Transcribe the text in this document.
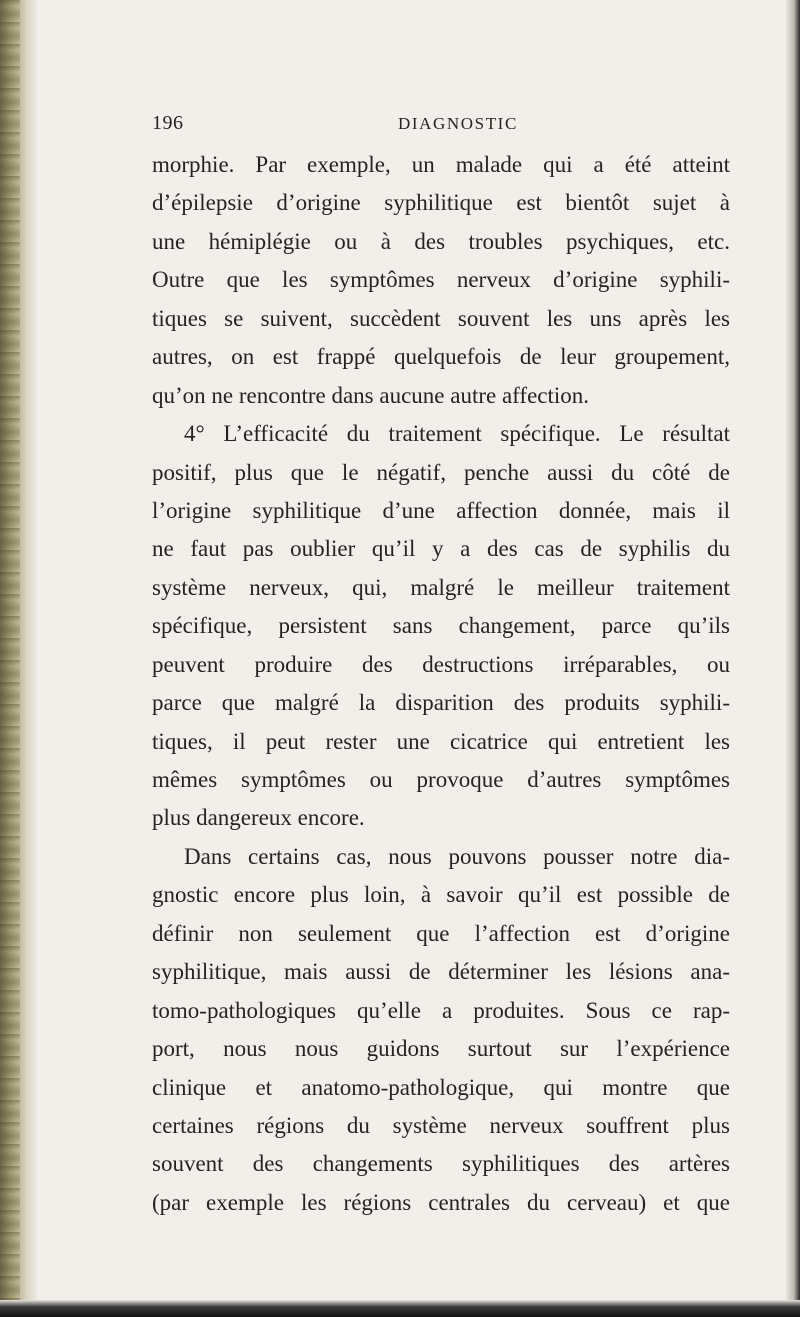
196	DIAGNOSTIC
morphie. Par exemple, un malade qui a été atteint
d’épilepsie d’origine syphilitique est bientôt sujet à
une hémiplégie ou à des troubles psychiques, etc.
Outre que les symptômes nerveux d’origine syphili-
tiques se suivent, succèdent souvent les uns après les
autres, on est frappé quelquefois de leur groupement,
qu’on ne rencontre dans aucune autre affection.
4° L’efficacité du traitement spécifique. Le résultat
positif, plus que le négatif, penche aussi du côté de
l’origine syphilitique d’une affection donnée, mais il
ne faut pas oublier qu’il y a des cas de syphilis du
système nerveux, qui, malgré le meilleur traitement
spécifique, persistent sans changement, parce qu’ils
peuvent produire des destructions irréparables, ou
parce que malgré la disparition des produits syphili-
tiques, il peut rester une cicatrice qui entretient les
mêmes symptômes ou provoque d’autres symptômes
plus dangereux encore.
Dans certains cas, nous pouvons pousser notre dia-
gnostic encore plus loin, à savoir qu’il est possible de
définir non seulement que l’affection est d’origine
syphilitique, mais aussi de déterminer les lésions ana-
tomo-pathologiques qu’elle a produites. Sous ce rap-
port, nous nous guidons surtout sur l’expérience
clinique et anatomo-pathologique, qui montre que
certaines régions du système nerveux souffrent plus
souvent des changements syphilitiques des artères
(par exemple les régions centrales du cerveau) et que
